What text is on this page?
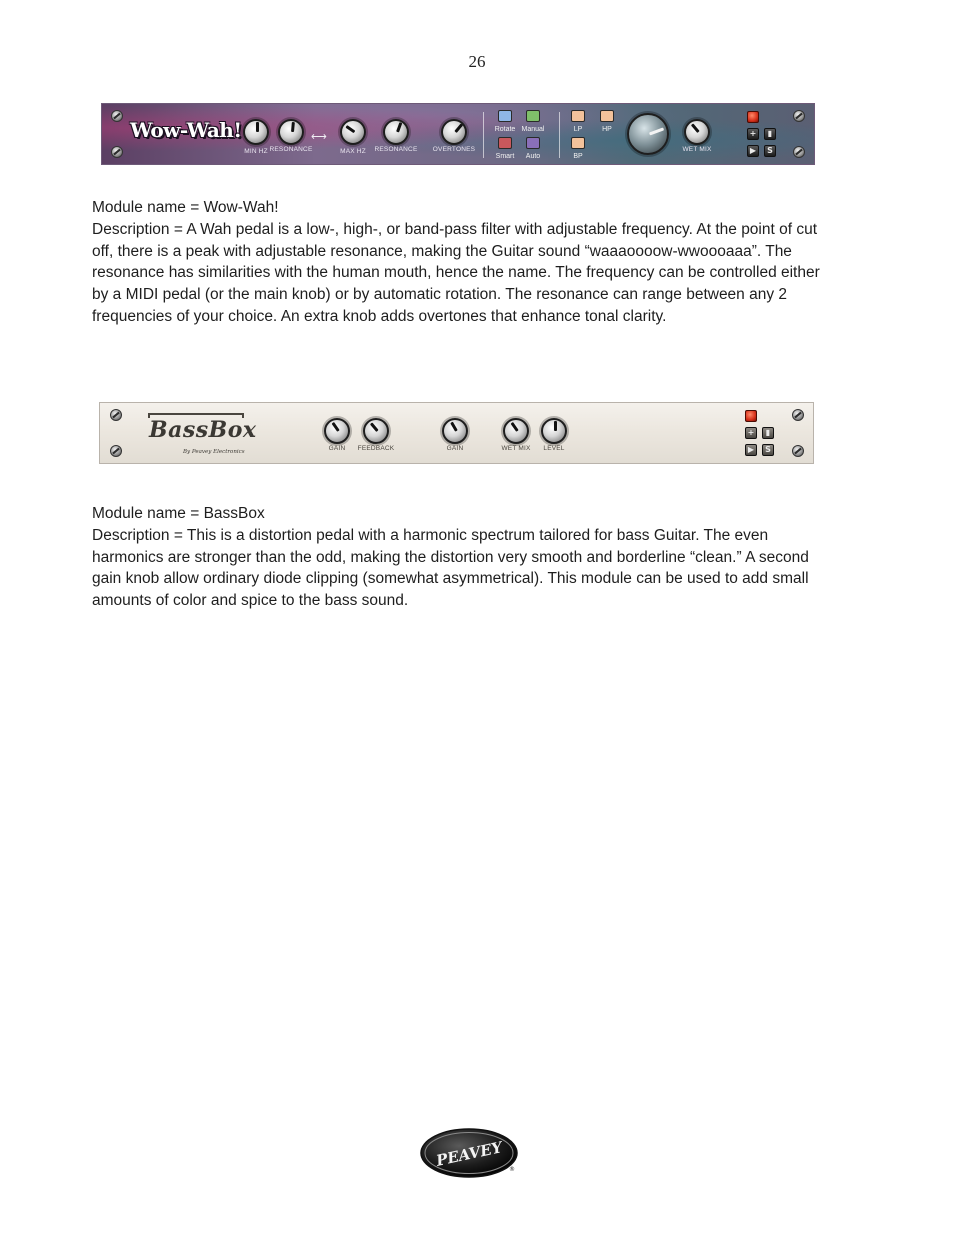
26
Wow-Wah!
MIN HZ RESONANCE
⟷
MAX HZ	RESONANCE OVERTONES
Rotate Manual
Smart	Auto
LP	HP
BP
WET MIX
+	▮
▶	S

Module name = Wow-Wah!

Description = A Wah pedal is a low-, high-, or band-pass filter with adjustable frequency. At the point of cut off, there is a peak with adjustable resonance, making the Guitar sound “waaaoooow-wwoooaaa”. The resonance has similarities with the human mouth, hence the name. The frequency can be controlled either by a MIDI pedal (or the main knob) or by automatic rotation. The resonance can range between any 2 frequencies of your choice. An extra knob adds overtones that enhance tonal clarity.

BassBox
By Peavey Electronics	GAIN	FEEDBACK	GAIN	WET MIX	LEVEL
+	▮
▶	S

Module name = BassBox

Description = This is a distortion pedal with a harmonic spectrum tailored for bass Guitar. The even harmonics are stronger than the odd, making the distortion very smooth and borderline “clean.” A second gain knob allow ordinary diode clipping (somewhat asymmetrical). This module can be used to add small amounts of color and spice to the bass sound.

PEAVEY ®
